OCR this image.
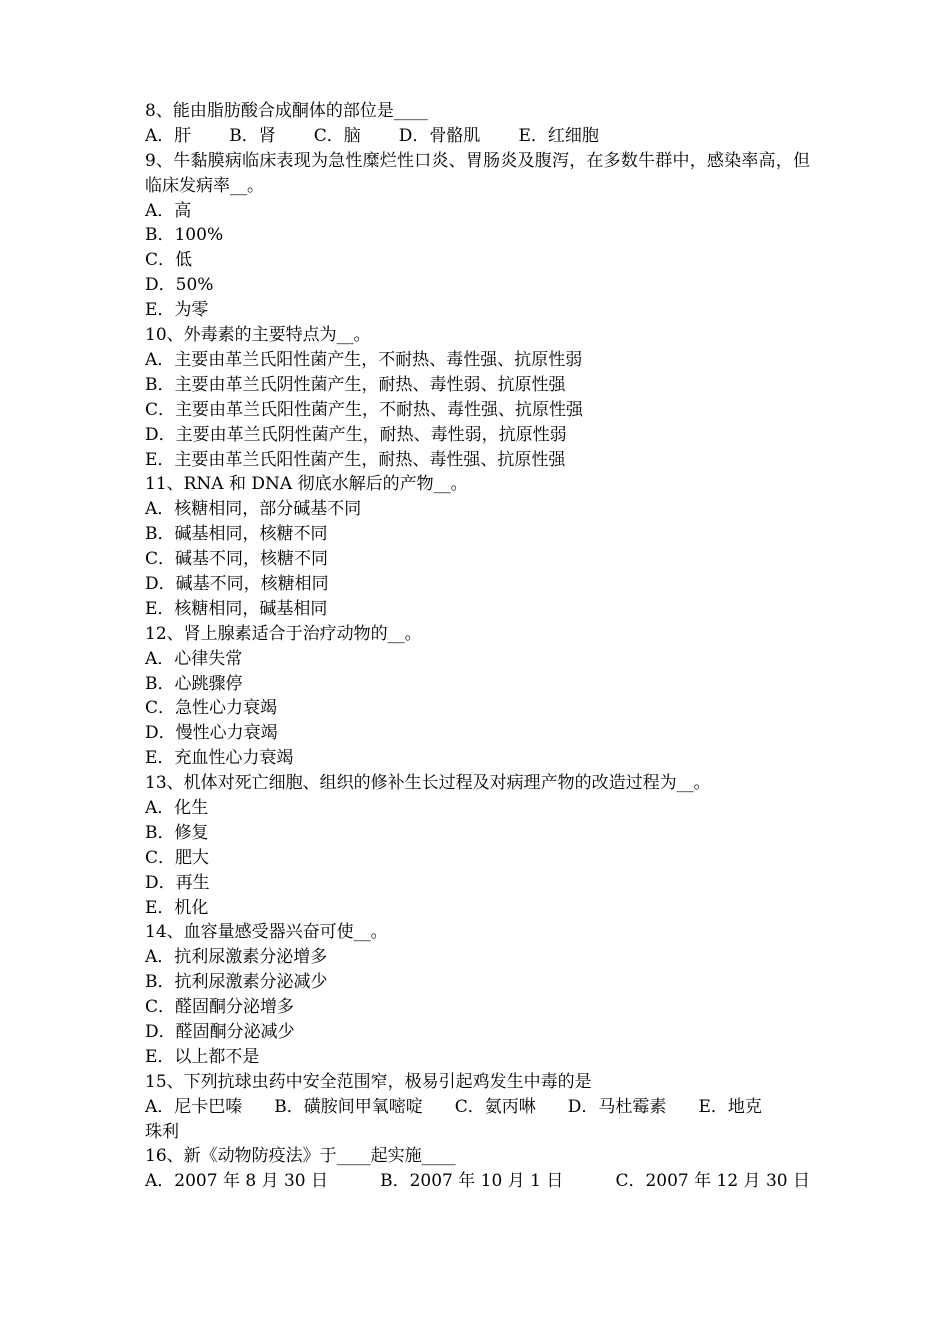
8、能由脂肪酸合成酮体的部位是____
A．肝 B．肾 C．脑 D．骨骼肌 E．红细胞
9、牛黏膜病临床表现为急性糜烂性口炎、胃肠炎及腹泻，在多数牛群中，感染率高，但临床发病率__。
A．高
B．100%
C．低
D．50%
E．为零
10、外毒素的主要特点为__。
A．主要由革兰氏阳性菌产生，不耐热、毒性强、抗原性弱
B．主要由革兰氏阴性菌产生，耐热、毒性弱、抗原性强
C．主要由革兰氏阳性菌产生，不耐热、毒性强、抗原性强
D．主要由革兰氏阴性菌产生，耐热、毒性弱，抗原性弱
E．主要由革兰氏阳性菌产生，耐热、毒性强、抗原性强
11、RNA 和 DNA 彻底水解后的产物__。
A．核糖相同，部分碱基不同
B．碱基相同，核糖不同
C．碱基不同，核糖不同
D．碱基不同，核糖相同
E．核糖相同，碱基相同
12、肾上腺素适合于治疗动物的__。
A．心律失常
B．心跳骤停
C．急性心力衰竭
D．慢性心力衰竭
E．充血性心力衰竭
13、机体对死亡细胞、组织的修补生长过程及对病理产物的改造过程为__。
A．化生
B．修复
C．肥大
D．再生
E．机化
14、血容量感受器兴奋可使__。
A．抗利尿激素分泌增多
B．抗利尿激素分泌减少
C．醛固酮分泌增多
D．醛固酮分泌减少
E．以上都不是
15、下列抗球虫药中安全范围窄，极易引起鸡发生中毒的是
A．尼卡巴嗪 B．磺胺间甲氧嘧啶 C．氨丙啉 D．马杜霉素 E．地克
珠利
16、新《动物防疫法》于____起实施____
A．2007 年 8 月 30 日	B．2007 年 10 月 1 日	C．2007 年 12 月 30 日
